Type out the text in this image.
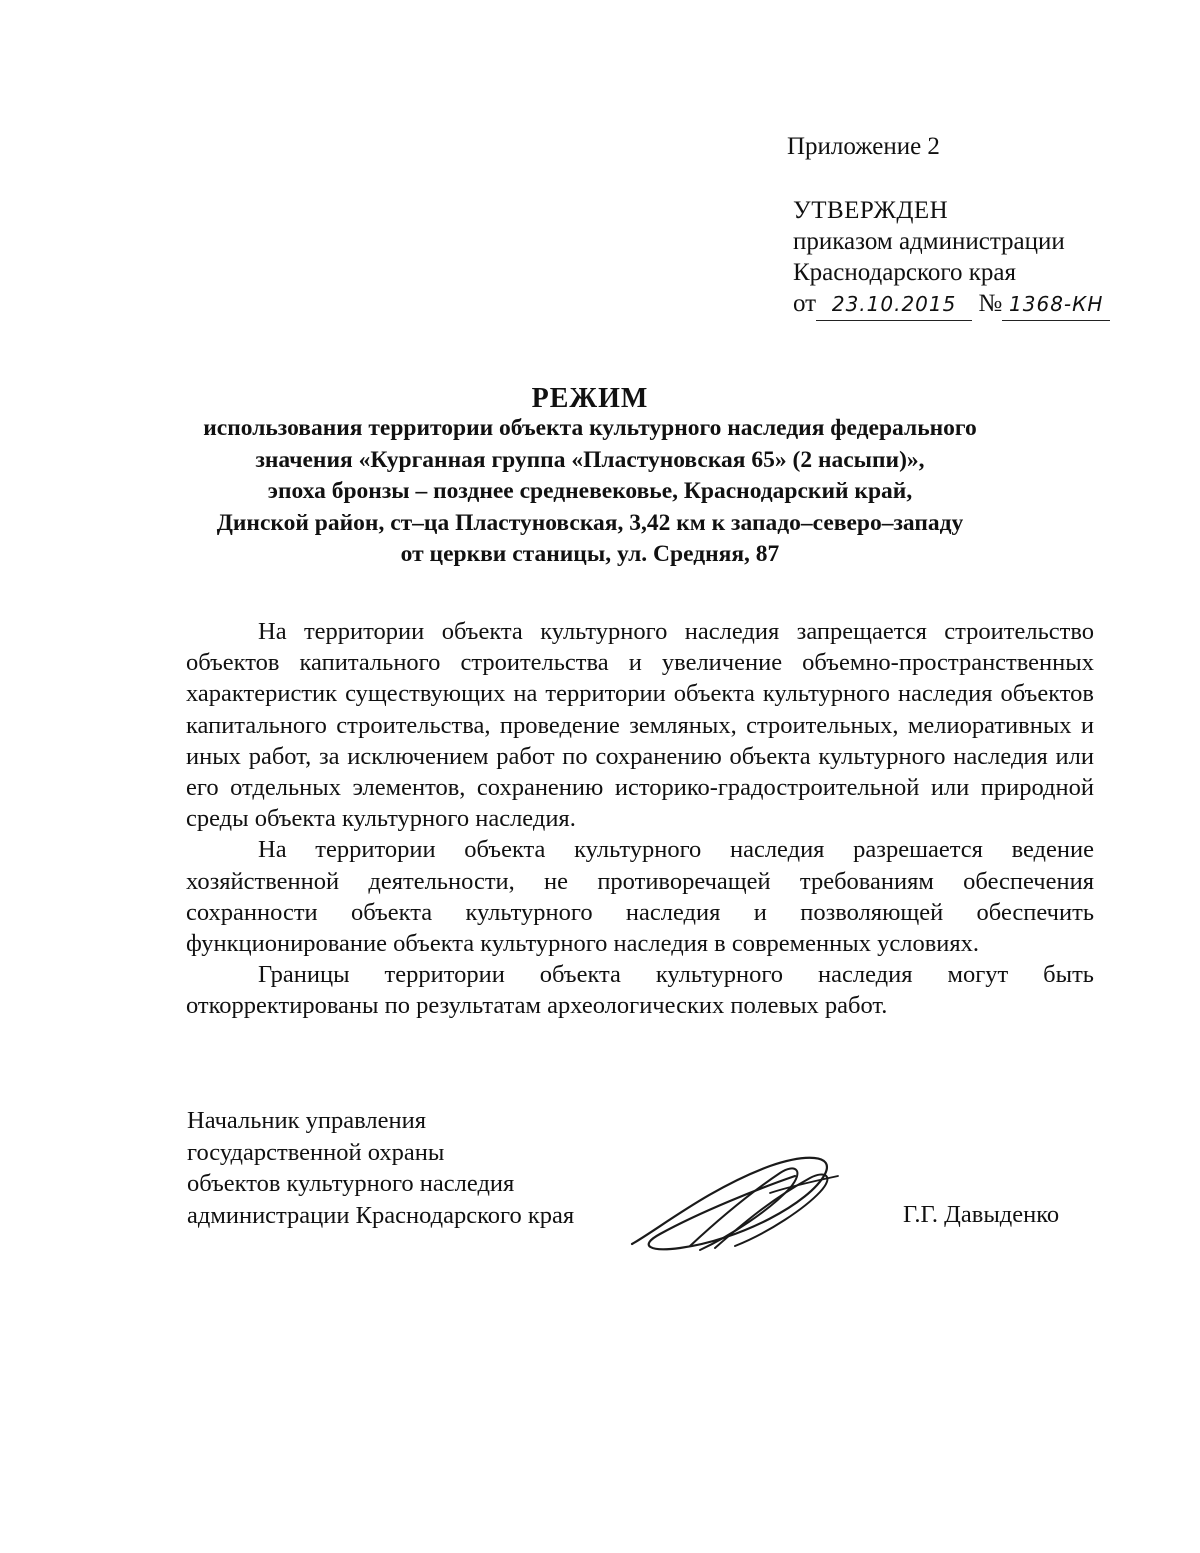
Приложение 2
УТВЕРЖДЕН
приказом администрации
Краснодарского края
от 23.10.2015 № 1368-КН
РЕЖИМ
использования территории объекта культурного наследия федерального
значения «Курганная группа «Пластуновская 65» (2 насыпи)»,
эпоха бронзы – позднее средневековье, Краснодарский край,
Динской район, ст–ца Пластуновская, 3,42 км к западо–северо–западу
от церкви станицы, ул. Средняя, 87

На территории объекта культурного наследия запрещается строительство объектов капитального строительства и увеличение объемно-пространственных характеристик существующих на территории объекта культурного наследия объектов капитального строительства, проведение земляных, строительных, мелиоративных и иных работ, за исключением работ по сохранению объекта культурного наследия или его отдельных элементов, сохранению историко-градостроительной или природной среды объекта культурного наследия.

На территории объекта культурного наследия разрешается ведение хозяйственной деятельности, не противоречащей требованиям обеспечения сохранности объекта культурного наследия и позволяющей обеспечить функционирование объекта культурного наследия в современных условиях.

Границы территории объекта культурного наследия могут быть откорректированы по результатам археологических полевых работ.

Начальник управления
государственной охраны
объектов культурного наследия
администрации Краснодарского края	Г.Г. Давыденко
